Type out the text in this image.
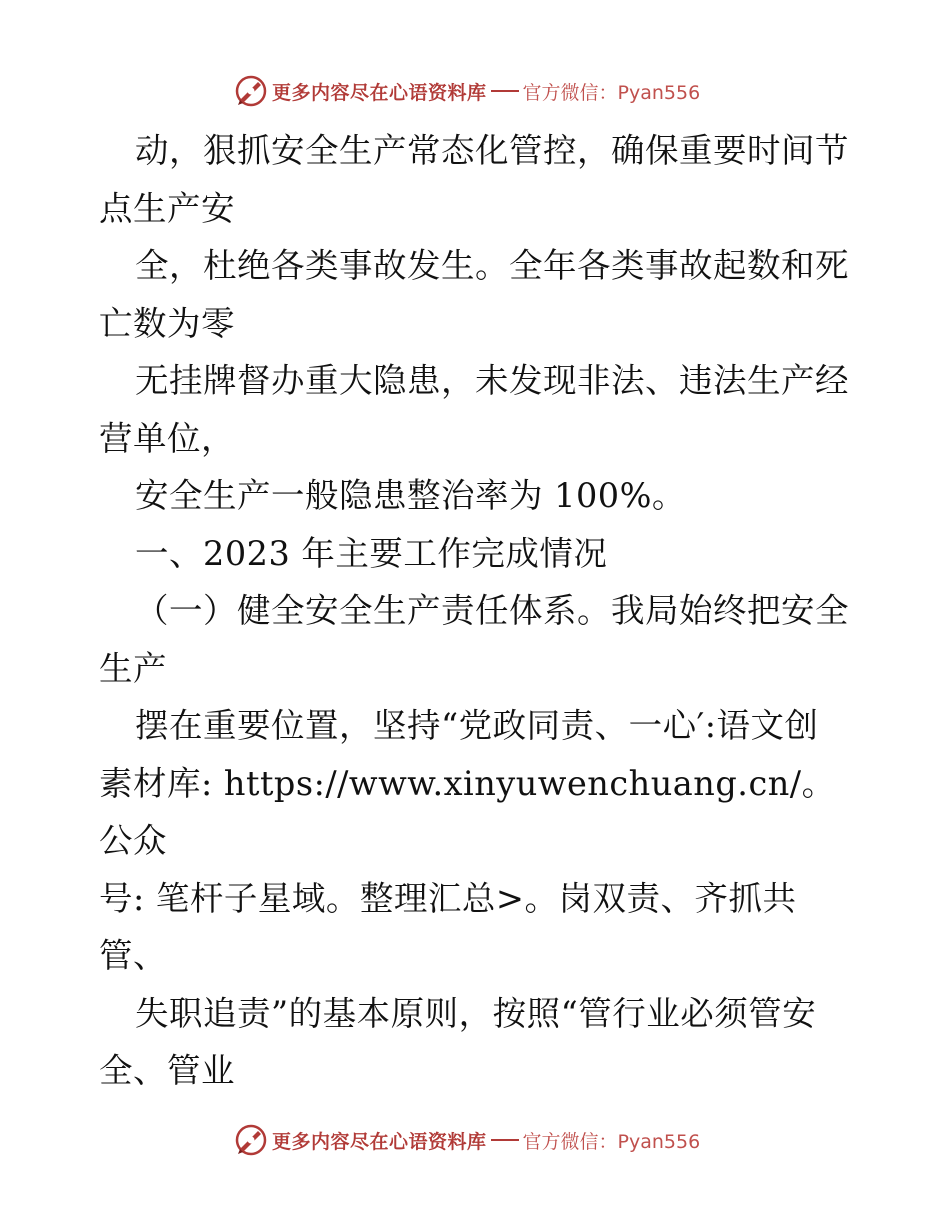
更多内容尽在心语资料库 官方微信：Pyan556

动，狠抓安全生产常态化管控，确保重要时间节

点生产安

全，杜绝各类事故发生。全年各类事故起数和死

亡数为零

无挂牌督办重大隐患，未发现非法、违法生产经

营单位，

安全生产一般隐患整治率为 100%。

一、2023 年主要工作完成情况

（一）健全安全生产责任体系。我局始终把安全

生产

摆在重要位置，坚持“党政同责、一心′:语文创

素材库: https://www.xinyuwenchuang.cn/。公众

号: 笔杆子星域。整理汇总>。岗双责、齐抓共

管、

失职追责”的基本原则，按照“管行业必须管安

全、管业

更多内容尽在心语资料库 官方微信：Pyan556
